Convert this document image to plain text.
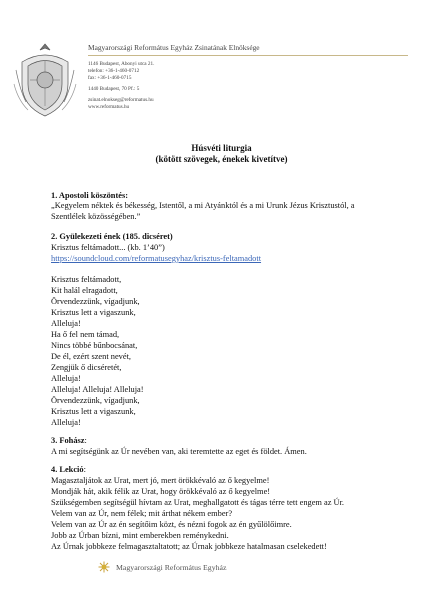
Magyarországi Református Egyház Zsinatának Elnöksége
1146 Budapest, Abonyi utca 21.
telefon: +36-1-460-0712
fax: +36-1-460-0715
1440 Budapest, 70 Pf.: 5
zsinat.elnokseg@reformatus.hu
www.reformatus.hu
Húsvéti liturgia
(kötött szövegek, énekek kivetítve)
1. Apostoli köszöntés:
„Kegyelem néktek és békesség, Istentől, a mi Atyánktól és a mi Urunk Jézus Krisztustól, a
Szentlélek közösségében.”
2. Gyülekezeti ének (185. dicséret)
Krisztus feltámadott... (kb. 1’40”)
https://soundcloud.com/reformatusegyhaz/krisztus-feltamadott
Krisztus feltámadott,
Kit halál elragadott,
Örvendezzünk, vígadjunk,
Krisztus lett a vigaszunk,
Alleluja!
Ha ő fel nem támad,
Nincs többé bűnbocsánat,
De él, ezért szent nevét,
Zengjük ő dicséretét,
Alleluja!
Alleluja! Alleluja! Alleluja!
Örvendezzünk, vígadjunk,
Krisztus lett a vigaszunk,
Alleluja!
3. Fohász:
A mi segítségünk az Úr nevében van, aki teremtette az eget és földet. Ámen.
4. Lekció:
Magasztaljátok az Urat, mert jó, mert örökkévaló az ő kegyelme!
Mondják hát, akik félik az Urat, hogy örökkévaló az ő kegyelme!
Szükségemben segítségül hívtam az Urat, meghallgatott és tágas térre tett engem az Úr.
Velem van az Úr, nem félek; mit árthat nékem ember?
Velem van az Úr az én segítőim közt, és nézni fogok az én gyűlölőimre.
Jobb az Úrban bízni, mint emberekben reménykedni.
Az Úrnak jobbkeze felmagasztaltatott; az Úrnak jobbkeze hatalmasan cselekedett!
Magyarországi Református Egyház
